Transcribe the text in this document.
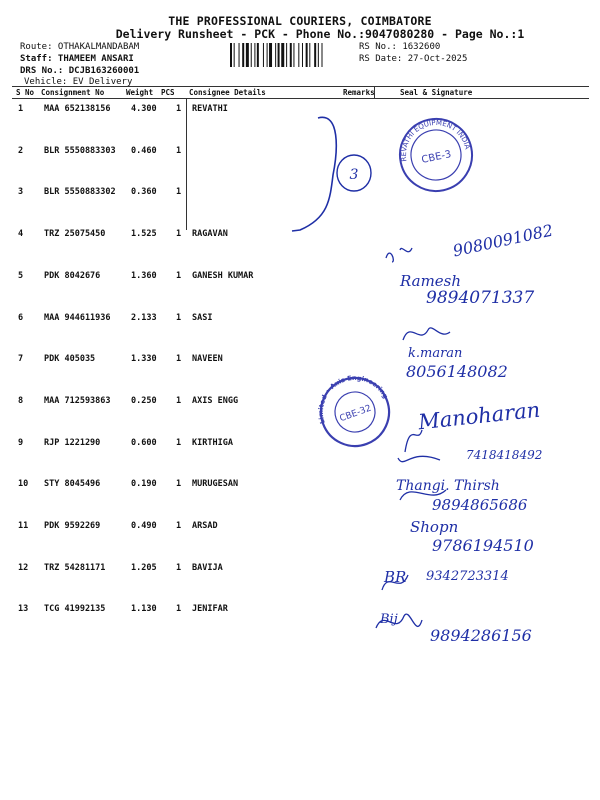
THE PROFESSIONAL COURIERS, COIMBATORE
Delivery Runsheet - PCK - Phone No.:9047080280 - Page No.:1
Route: OTHAKALMANDABAM
Staff: THAMEEM ANSARI
DRS No.: DCJB163260001
Vehicle: EV Delivery
RS No.: 1632600
RS Date: 27-Oct-2025
S No Consignment No	Weight PCS Consignee Details	Remarks	Seal & Signature
1 MAA 652138156 4.300 1 REVATHI
2 BLR 5550883303 0.460 1
3 BLR 5550883302 0.360 1
4 TRZ 25075450	1.525 1 RAGAVAN
5 PDK 8042676	1.360 1 GANESH KUMAR
6 MAA 944611936 2.133 1 SASI
7 PDK 405035	1.330 1 NAVEEN
8 MAA 712593863 0.250 1 AXIS ENGG
9 RJP 1221290	0.600 1 KIRTHIGA
10 STY 8045496	0.190 1 MURUGESAN
11 PDK 9592269	0.490 1 ARSAD
12 TRZ 54281171	1.205 1 BAVIJA
13 TCG 41992135	1.130 1 JENIFAR
3
REVATHI EQUIPMENT INDIA
CBE-3
Limited • Axis Engineering
CBE-32
9080091082
Ramesh
9894071337
k.maran
8056148082
Manoharan
7418418492
Thangi. Thirsh
9894865686
Shopn
9786194510
BR 9342723314
Bij
9894286156
